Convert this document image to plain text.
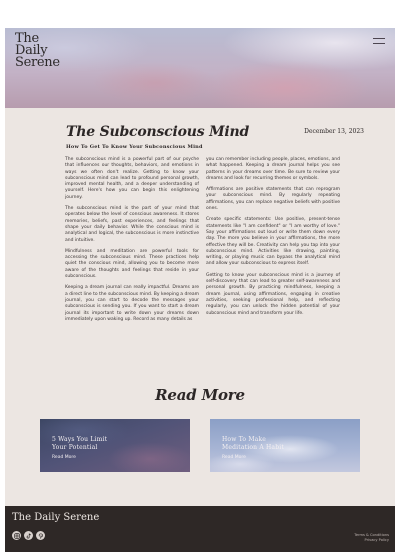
The
Daily
Serene
The Subconscious Mind	December 13, 2023
How To Get To Know Your Subconscious Mind

The subconscious mind is a powerful part of our psyche that influences our thoughts, behaviors, and emotions in ways we often don't realize. Getting to know your subconscious mind can lead to profound personal growth, improved mental health, and a deeper understanding of yourself. Here's how you can begin this enlightening journey.

The subconscious mind is the part of your mind that operates below the level of conscious awareness. It stores memories, beliefs, past experiences, and feelings that shape your daily behavior. While the conscious mind is analytical and logical, the subconscious is more instinctive and intuitive.

Mindfulness and meditation are powerful tools for accessing the subconscious mind. These practices help quiet the conscious mind, allowing you to become more aware of the thoughts and feelings that reside in your subconscious.

Keeping a dream journal can really impactful. Dreams are a direct line to the subconscious mind. By keeping a dream journal, you can start to decode the messages your subconscious is sending you. If you want to start a dream journal its important to write down your dreams down immediately upon waking up. Record as many details as

you can remember including people, places, emotions, and what happened. Keeping a dream journal helps you see patterns in your dreams over time. Be sure to review your dreams and look for recurring themes or symbols.

Affirmations are positive statements that can reprogram your subconscious mind. By regularly repeating affirmations, you can replace negative beliefs with positive ones.

Create specific statements: Use positive, present-tense statements like "I am confident" or "I am worthy of love." Say your affirmations out loud or write them down every day. The more you believe in your affirmations, the more effective they will be. Creativity can help you tap into your subconscious mind. Activities like drawing, painting, writing, or playing music can bypass the analytical mind and allow your subconscious to express itself.

Getting to know your subconscious mind is a journey of self-discovery that can lead to greater self-awareness and personal growth. By practicing mindfulness, keeping a dream journal, using affirmations, engaging in creative activities, seeking professional help, and reflecting regularly, you can unlock the hidden potential of your subconscious mind and transform your life.

Read More
5 Ways You Limit
Your Potential
Read More
How To Make
Meditation A Habit
Read More
The Daily Serene
Terms & Conditions
Privacy Policy
